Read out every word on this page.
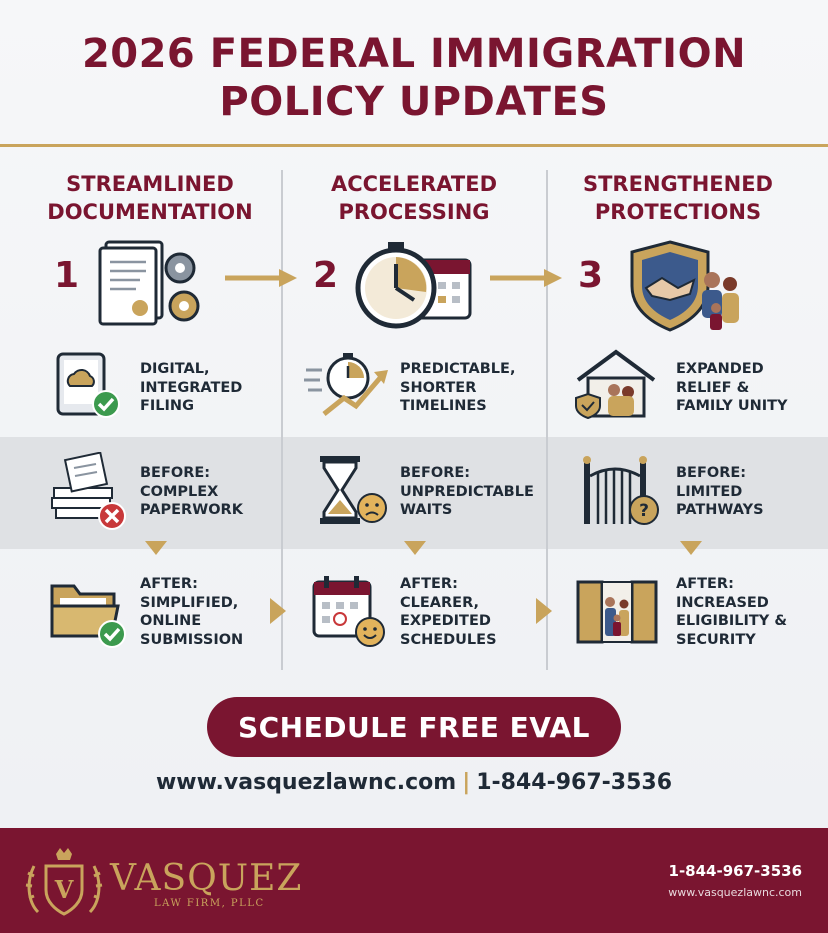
2026 FEDERAL IMMIGRATION
POLICY UPDATES
STREAMLINED
DOCUMENTATION
ACCELERATED
PROCESSING
STRENGTHENED
PROTECTIONS
1	2	3
DIGITAL,
INTEGRATED
FILING
PREDICTABLE,
SHORTER
TIMELINES
EXPANDED
RELIEF &
FAMILY UNITY
BEFORE:
COMPLEX
PAPERWORK
BEFORE:
UNPREDICTABLE
WAITS	?
BEFORE:
LIMITED
PATHWAYS
AFTER:
SIMPLIFIED,
ONLINE
SUBMISSION
AFTER:
CLEARER,
EXPEDITED
SCHEDULES
AFTER:
INCREASED
ELIGIBILITY &
SECURITY
SCHEDULE FREE EVAL
www.vasquezlawnc.com | 1-844-967-3536
V VASQUEZ
LAW FIRM, PLLC
1-844-967-3536
www.vasquezlawnc.com
